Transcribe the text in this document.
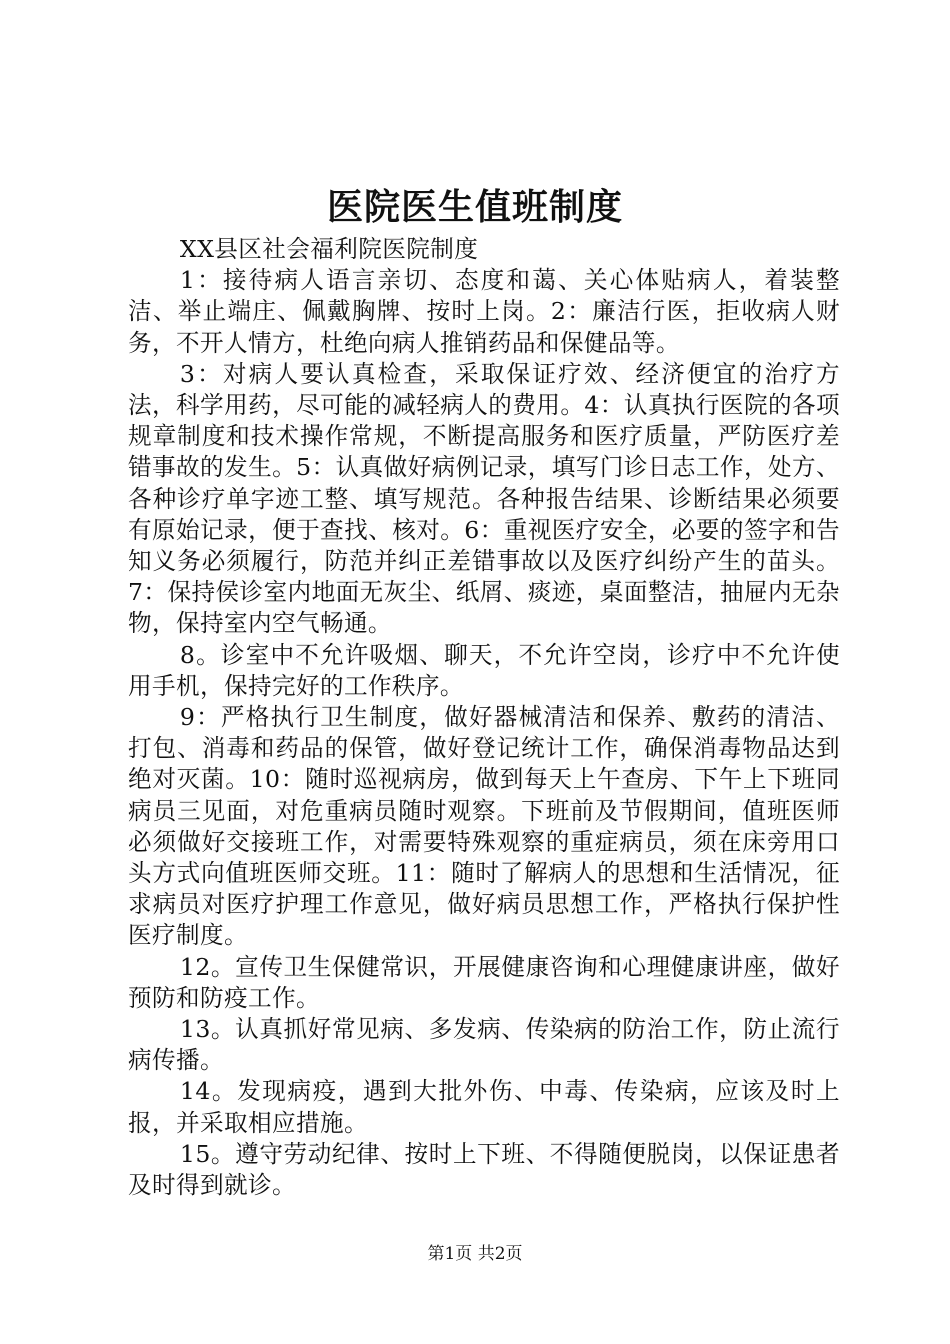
医院医生值班制度

XX县区社会福利院医院制度

1：接待病人语言亲切、态度和蔼、关心体贴病人，着装整洁、举止端庄、佩戴胸牌、按时上岗。2：廉洁行医，拒收病人财务，不开人情方，杜绝向病人推销药品和保健品等。

3：对病人要认真检查，采取保证疗效、经济便宜的治疗方法，科学用药，尽可能的减轻病人的费用。4：认真执行医院的各项规章制度和技术操作常规，不断提高服务和医疗质量，严防医疗差错事故的发生。5：认真做好病例记录，填写门诊日志工作，处方、各种诊疗单字迹工整、填写规范。各种报告结果、诊断结果必须要有原始记录，便于查找、核对。6：重视医疗安全，必要的签字和告知义务必须履行，防范并纠正差错事故以及医疗纠纷产生的苗头。7：保持侯诊室内地面无灰尘、纸屑、痰迹，桌面整洁，抽屉内无杂物，保持室内空气畅通。

8。诊室中不允许吸烟、聊天，不允许空岗，诊疗中不允许使用手机，保持完好的工作秩序。

9：严格执行卫生制度，做好器械清洁和保养、敷药的清洁、打包、消毒和药品的保管，做好登记统计工作，确保消毒物品达到绝对灭菌。10：随时巡视病房，做到每天上午查房、下午上下班同病员三见面，对危重病员随时观察。下班前及节假期间，值班医师必须做好交接班工作，对需要特殊观察的重症病员，须在床旁用口头方式向值班医师交班。11：随时了解病人的思想和生活情况，征求病员对医疗护理工作意见，做好病员思想工作，严格执行保护性医疗制度。

12。宣传卫生保健常识，开展健康咨询和心理健康讲座，做好预防和防疫工作。

13。认真抓好常见病、多发病、传染病的防治工作，防止流行病传播。

14。发现病疫，遇到大批外伤、中毒、传染病，应该及时上报，并采取相应措施。

15。遵守劳动纪律、按时上下班、不得随便脱岗，以保证患者及时得到就诊。

第1页 共2页
